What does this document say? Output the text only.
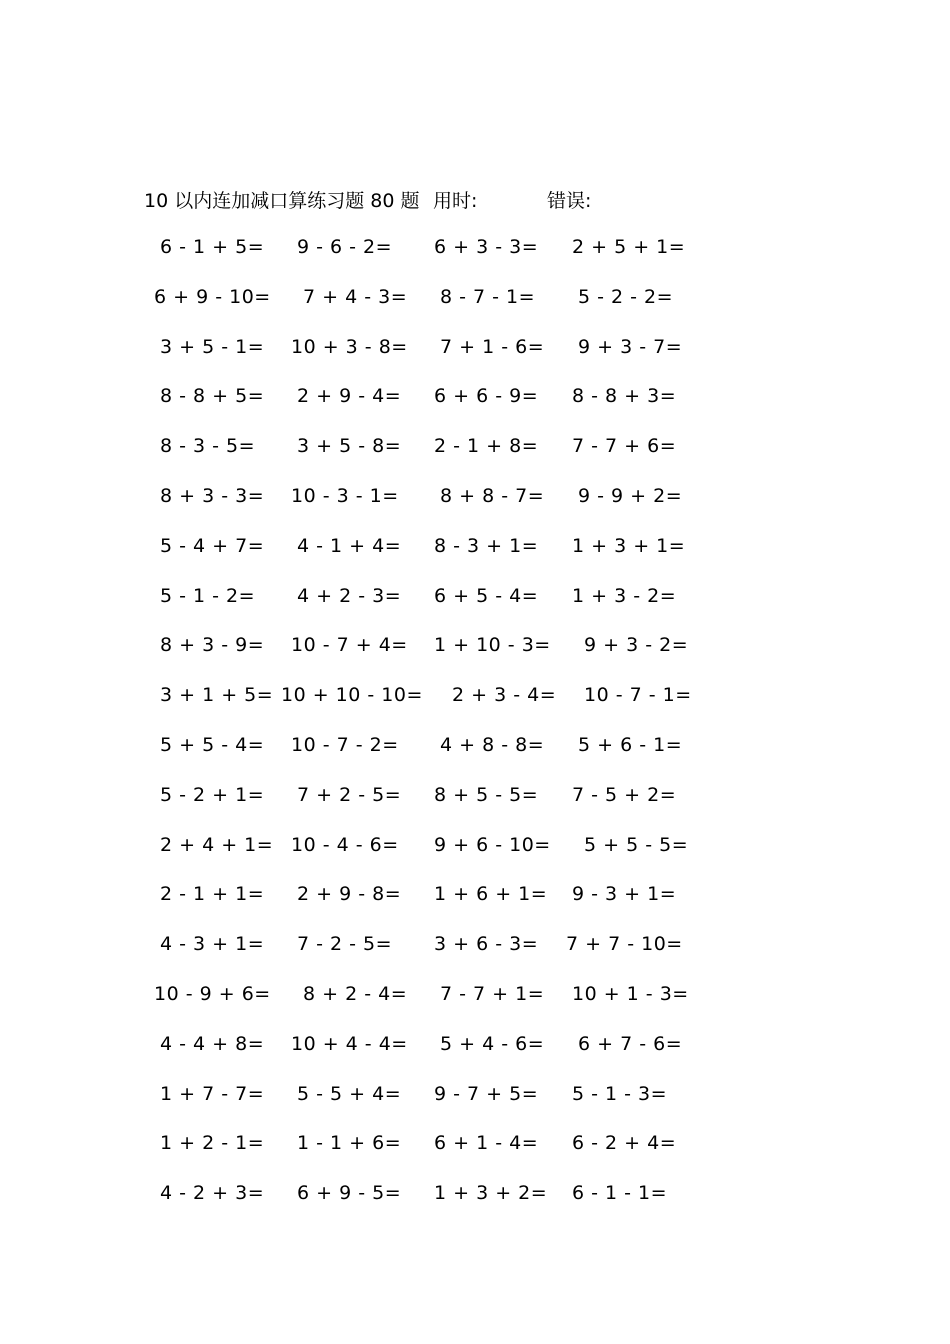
10 以内连加减口算练习题 80 题 用时:	错误:
6 - 1 + 5= 9 - 6 - 2= 6 + 3 - 3= 2 + 5 + 1=
6 + 9 - 10= 7 + 4 - 3= 8 - 7 - 1= 5 - 2 - 2=
3 + 5 - 1= 10 + 3 - 8= 7 + 1 - 6= 9 + 3 - 7=
8 - 8 + 5= 2 + 9 - 4= 6 + 6 - 9= 8 - 8 + 3=
8 - 3 - 5= 3 + 5 - 8= 2 - 1 + 8= 7 - 7 + 6=
8 + 3 - 3= 10 - 3 - 1= 8 + 8 - 7= 9 - 9 + 2=
5 - 4 + 7= 4 - 1 + 4= 8 - 3 + 1= 1 + 3 + 1=
5 - 1 - 2= 4 + 2 - 3= 6 + 5 - 4= 1 + 3 - 2=
8 + 3 - 9= 10 - 7 + 4= 1 + 10 - 3= 9 + 3 - 2=
3 + 1 + 5= 10 + 10 - 10= 2 + 3 - 4= 10 - 7 - 1=
5 + 5 - 4= 10 - 7 - 2= 4 + 8 - 8= 5 + 6 - 1=
5 - 2 + 1= 7 + 2 - 5= 8 + 5 - 5= 7 - 5 + 2=
2 + 4 + 1= 10 - 4 - 6= 9 + 6 - 10= 5 + 5 - 5=
2 - 1 + 1= 2 + 9 - 8= 1 + 6 + 1= 9 - 3 + 1=
4 - 3 + 1= 7 - 2 - 5= 3 + 6 - 3= 7 + 7 - 10=
10 - 9 + 6= 8 + 2 - 4= 7 - 7 + 1= 10 + 1 - 3=
4 - 4 + 8= 10 + 4 - 4= 5 + 4 - 6= 6 + 7 - 6=
1 + 7 - 7= 5 - 5 + 4= 9 - 7 + 5= 5 - 1 - 3=
1 + 2 - 1= 1 - 1 + 6= 6 + 1 - 4= 6 - 2 + 4=
4 - 2 + 3= 6 + 9 - 5= 1 + 3 + 2= 6 - 1 - 1=
